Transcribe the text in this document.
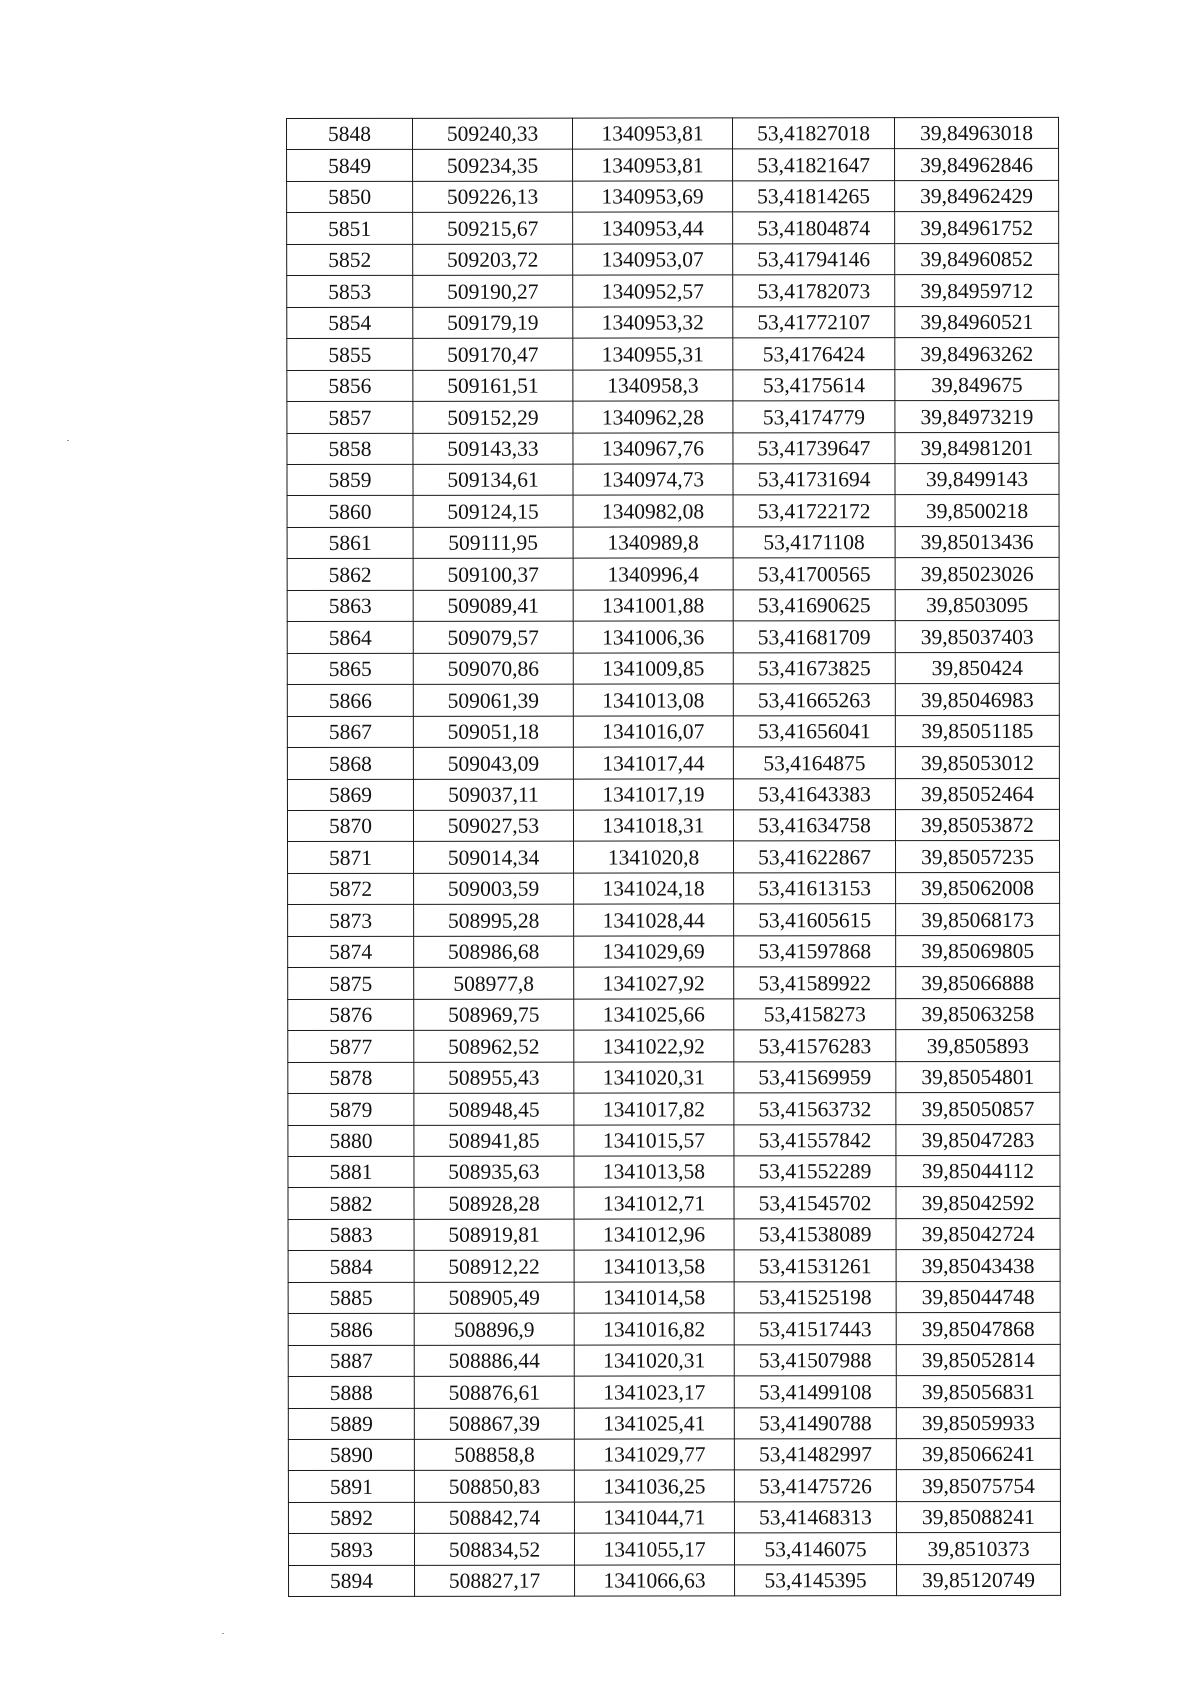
5848	509240,33	1340953,81	53,41827018	39,84963018
5849	509234,35	1340953,81	53,41821647	39,84962846
5850	509226,13	1340953,69	53,41814265	39,84962429
5851	509215,67	1340953,44	53,41804874	39,84961752
5852	509203,72	1340953,07	53,41794146	39,84960852
5853	509190,27	1340952,57	53,41782073	39,84959712
5854	509179,19	1340953,32	53,41772107	39,84960521
5855	509170,47	1340955,31	53,4176424	39,84963262
5856	509161,51	1340958,3	53,4175614	39,849675
5857	509152,29	1340962,28	53,4174779	39,84973219
5858	509143,33	1340967,76	53,41739647	39,84981201
5859	509134,61	1340974,73	53,41731694	39,8499143
5860	509124,15	1340982,08	53,41722172	39,8500218
5861	509111,95	1340989,8	53,4171108	39,85013436
5862	509100,37	1340996,4	53,41700565	39,85023026
5863	509089,41	1341001,88	53,41690625	39,8503095
5864	509079,57	1341006,36	53,41681709	39,85037403
5865	509070,86	1341009,85	53,41673825	39,850424
5866	509061,39	1341013,08	53,41665263	39,85046983
5867	509051,18	1341016,07	53,41656041	39,85051185
5868	509043,09	1341017,44	53,4164875	39,85053012
5869	509037,11	1341017,19	53,41643383	39,85052464
5870	509027,53	1341018,31	53,41634758	39,85053872
5871	509014,34	1341020,8	53,41622867	39,85057235
5872	509003,59	1341024,18	53,41613153	39,85062008
5873	508995,28	1341028,44	53,41605615	39,85068173
5874	508986,68	1341029,69	53,41597868	39,85069805
5875	508977,8	1341027,92	53,41589922	39,85066888
5876	508969,75	1341025,66	53,4158273	39,85063258
5877	508962,52	1341022,92	53,41576283	39,8505893
5878	508955,43	1341020,31	53,41569959	39,85054801
5879	508948,45	1341017,82	53,41563732	39,85050857
5880	508941,85	1341015,57	53,41557842	39,85047283
5881	508935,63	1341013,58	53,41552289	39,85044112
5882	508928,28	1341012,71	53,41545702	39,85042592
5883	508919,81	1341012,96	53,41538089	39,85042724
5884	508912,22	1341013,58	53,41531261	39,85043438
5885	508905,49	1341014,58	53,41525198	39,85044748
5886	508896,9	1341016,82	53,41517443	39,85047868
5887	508886,44	1341020,31	53,41507988	39,85052814
5888	508876,61	1341023,17	53,41499108	39,85056831
5889	508867,39	1341025,41	53,41490788	39,85059933
5890	508858,8	1341029,77	53,41482997	39,85066241
5891	508850,83	1341036,25	53,41475726	39,85075754
5892	508842,74	1341044,71	53,41468313	39,85088241
5893	508834,52	1341055,17	53,4146075	39,8510373
5894	508827,17	1341066,63	53,4145395	39,85120749
